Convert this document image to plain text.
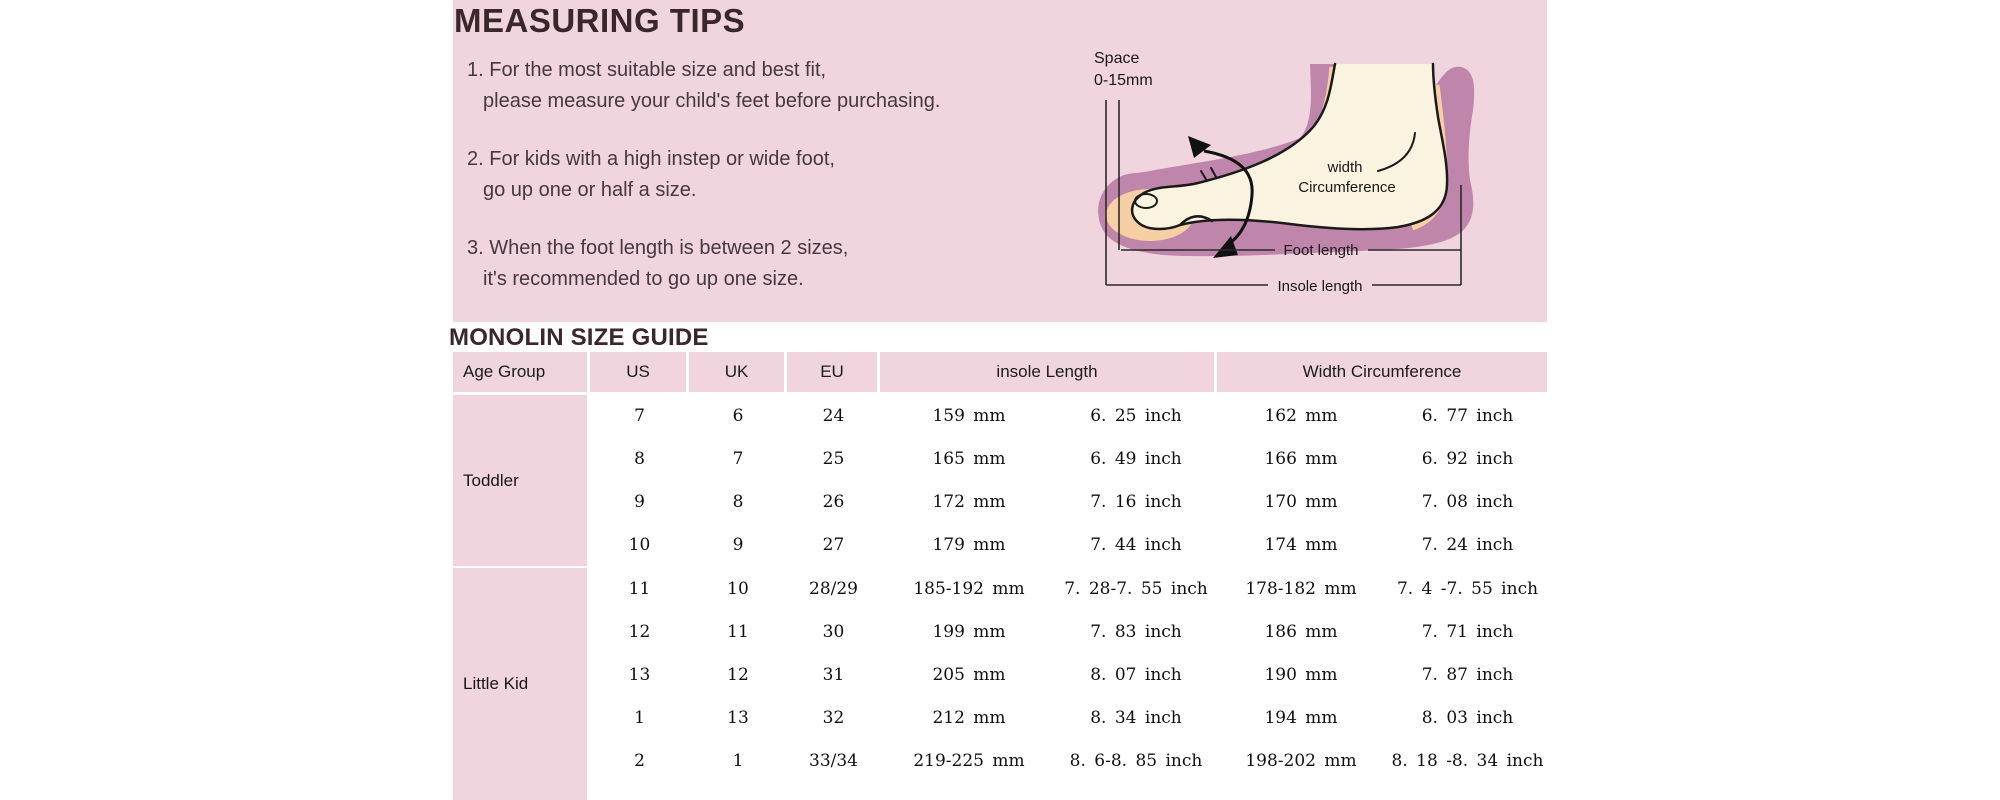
MEASURING TIPS
1. For the most suitable size and best fit,
please measure your child's feet before purchasing.
2. For kids with a high instep or wide foot,
go up one or half a size.
3. When the foot length is between 2 sizes,
it's recommended to go up one size.
Space
0-15mm
width
Circumference
Foot length
Insole length
MONOLIN SIZE GUIDE
Age Group	US	UK	EU	insole Length	Width Circumference
Toddler
7	6	24	159 mm	6. 25 inch	162 mm	6. 77 inch
8	7	25	165 mm	6. 49 inch	166 mm	6. 92 inch
9	8	26	172 mm	7. 16 inch	170 mm	7. 08 inch
10	9	27	179 mm	7. 44 inch	174 mm	7. 24 inch
Little Kid
11	10	28/29	185-192 mm	7. 28-7. 55 inch	178-182 mm	7. 4 -7. 55 inch
12	11	30	199 mm	7. 83 inch	186 mm	7. 71 inch
13	12	31	205 mm	8. 07 inch	190 mm	7. 87 inch
1	13	32	212 mm	8. 34 inch	194 mm	8. 03 inch
2	1	33/34	219-225 mm	8. 6-8. 85 inch	198-202 mm	8. 18 -8. 34 inch
